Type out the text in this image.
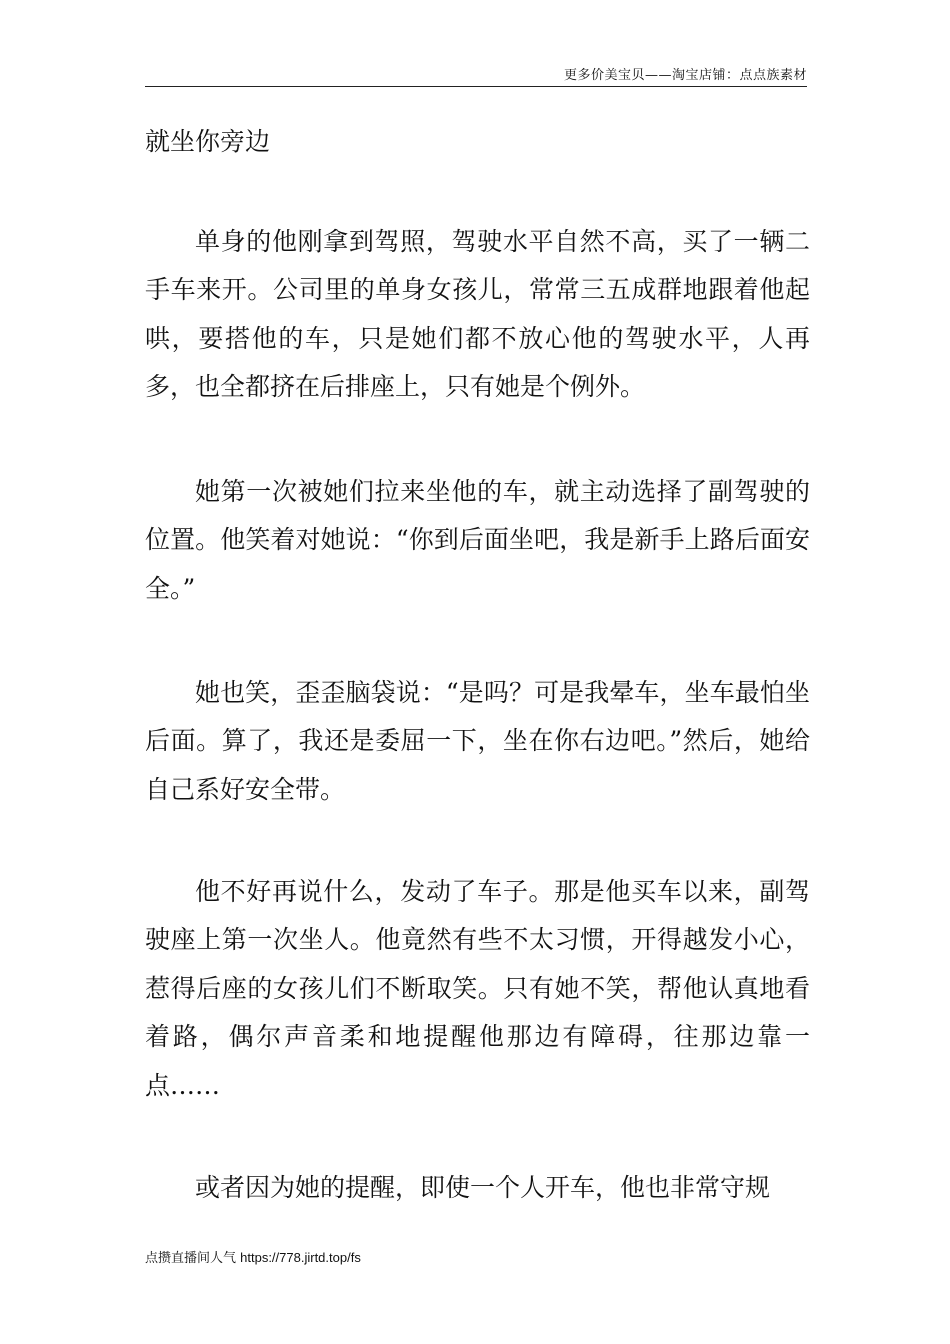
更多价美宝贝——淘宝店铺：点点族素材
就坐你旁边

单身的他刚拿到驾照，驾驶水平自然不高，买了一辆二手车来开。公司里的单身女孩儿，常常三五成群地跟着他起哄，要搭他的车，只是她们都不放心他的驾驶水平，人再多，也全都挤在后排座上，只有她是个例外。

她第一次被她们拉来坐他的车，就主动选择了副驾驶的位置。他笑着对她说：“你到后面坐吧，我是新手上路后面安全。”

她也笑，歪歪脑袋说：“是吗？可是我晕车，坐车最怕坐后面。算了，我还是委屈一下，坐在你右边吧。”然后，她给自己系好安全带。

他不好再说什么，发动了车子。那是他买车以来，副驾驶座上第一次坐人。他竟然有些不太习惯，开得越发小心，惹得后座的女孩儿们不断取笑。只有她不笑，帮他认真地看着路，偶尔声音柔和地提醒他那边有障碍，往那边靠一点……

或者因为她的提醒，即使一个人开车，他也非常守规

点攒直播间人气 https://778.jirtd.top/fs
